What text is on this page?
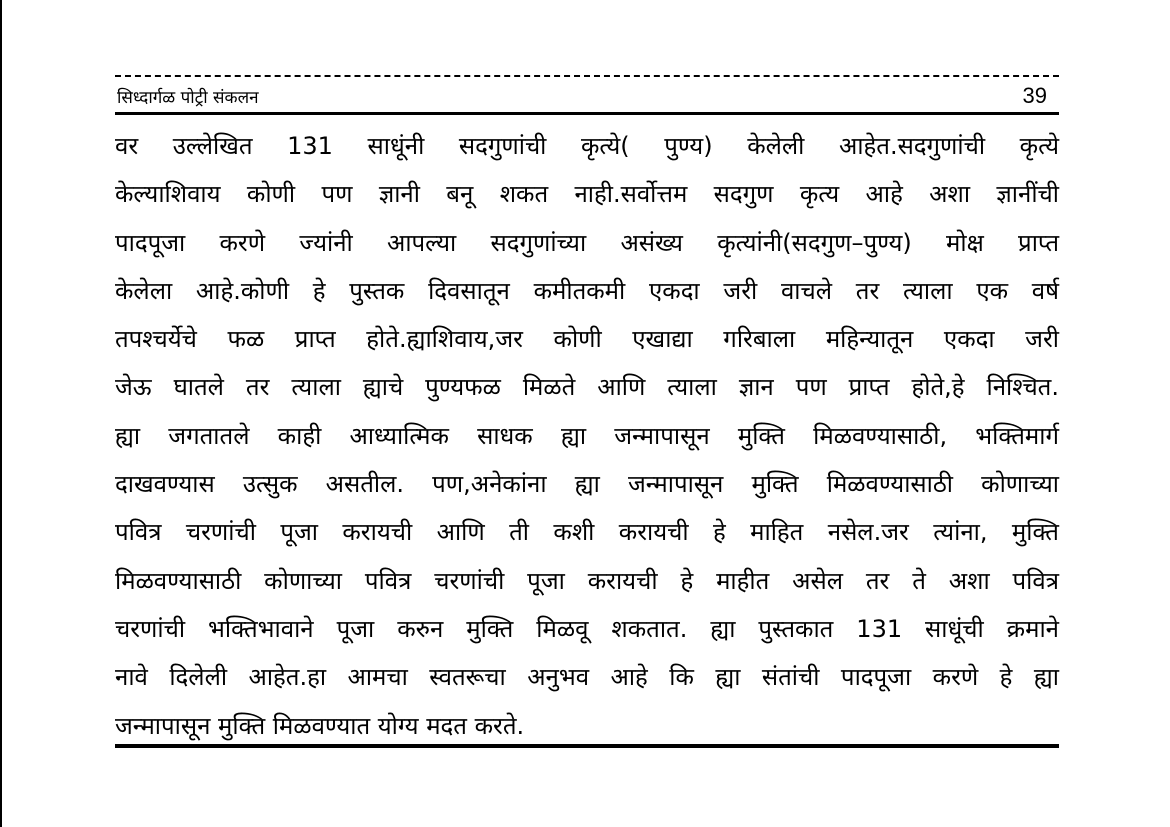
सिध्दार्गळ पोट्री संकलन	39
वर उल्लेखित 131 साधूंनी सदगुणांची कृत्ये( पुण्य) केलेली आहेत.सदगुणांची कृत्ये
केल्याशिवाय कोणी पण ज्ञानी बनू शकत नाही.सर्वोत्तम सदगुण कृत्य आहे अशा ज्ञानींची
पादपूजा करणे ज्यांनी आपल्या सदगुणांच्या असंख्य कृत्यांनी(सदगुण–पुण्य) मोक्ष प्राप्त
केलेला आहे.कोणी हे पुस्तक दिवसातून कमीतकमी एकदा जरी वाचले तर त्याला एक वर्ष
तपश्चर्येचे फळ प्राप्त होते.ह्याशिवाय,जर कोणी एखाद्या गरिबाला महिन्यातून एकदा जरी
जेऊ घातले तर त्याला ह्याचे पुण्यफळ मिळते आणि त्याला ज्ञान पण प्राप्त होते,हे निश्चित.
ह्या जगतातले काही आध्यात्मिक साधक ह्या जन्मापासून मुक्ति मिळवण्यासाठी, भक्तिमार्ग
दाखवण्यास उत्सुक असतील. पण,अनेकांना ह्या जन्मापासून मुक्ति मिळवण्यासाठी कोणाच्या
पवित्र चरणांची पूजा करायची आणि ती कशी करायची हे माहित नसेल.जर त्यांना, मुक्ति
मिळवण्यासाठी कोणाच्या पवित्र चरणांची पूजा करायची हे माहीत असेल तर ते अशा पवित्र
चरणांची भक्तिभावाने पूजा करुन मुक्ति मिळवू शकतात. ह्या पुस्तकात 131 साधूंची क्रमाने
नावे दिलेली आहेत.हा आमचा स्वतरूचा अनुभव आहे कि ह्या संतांची पादपूजा करणे हे ह्या
जन्मापासून मुक्ति मिळवण्यात योग्य मदत करते.
